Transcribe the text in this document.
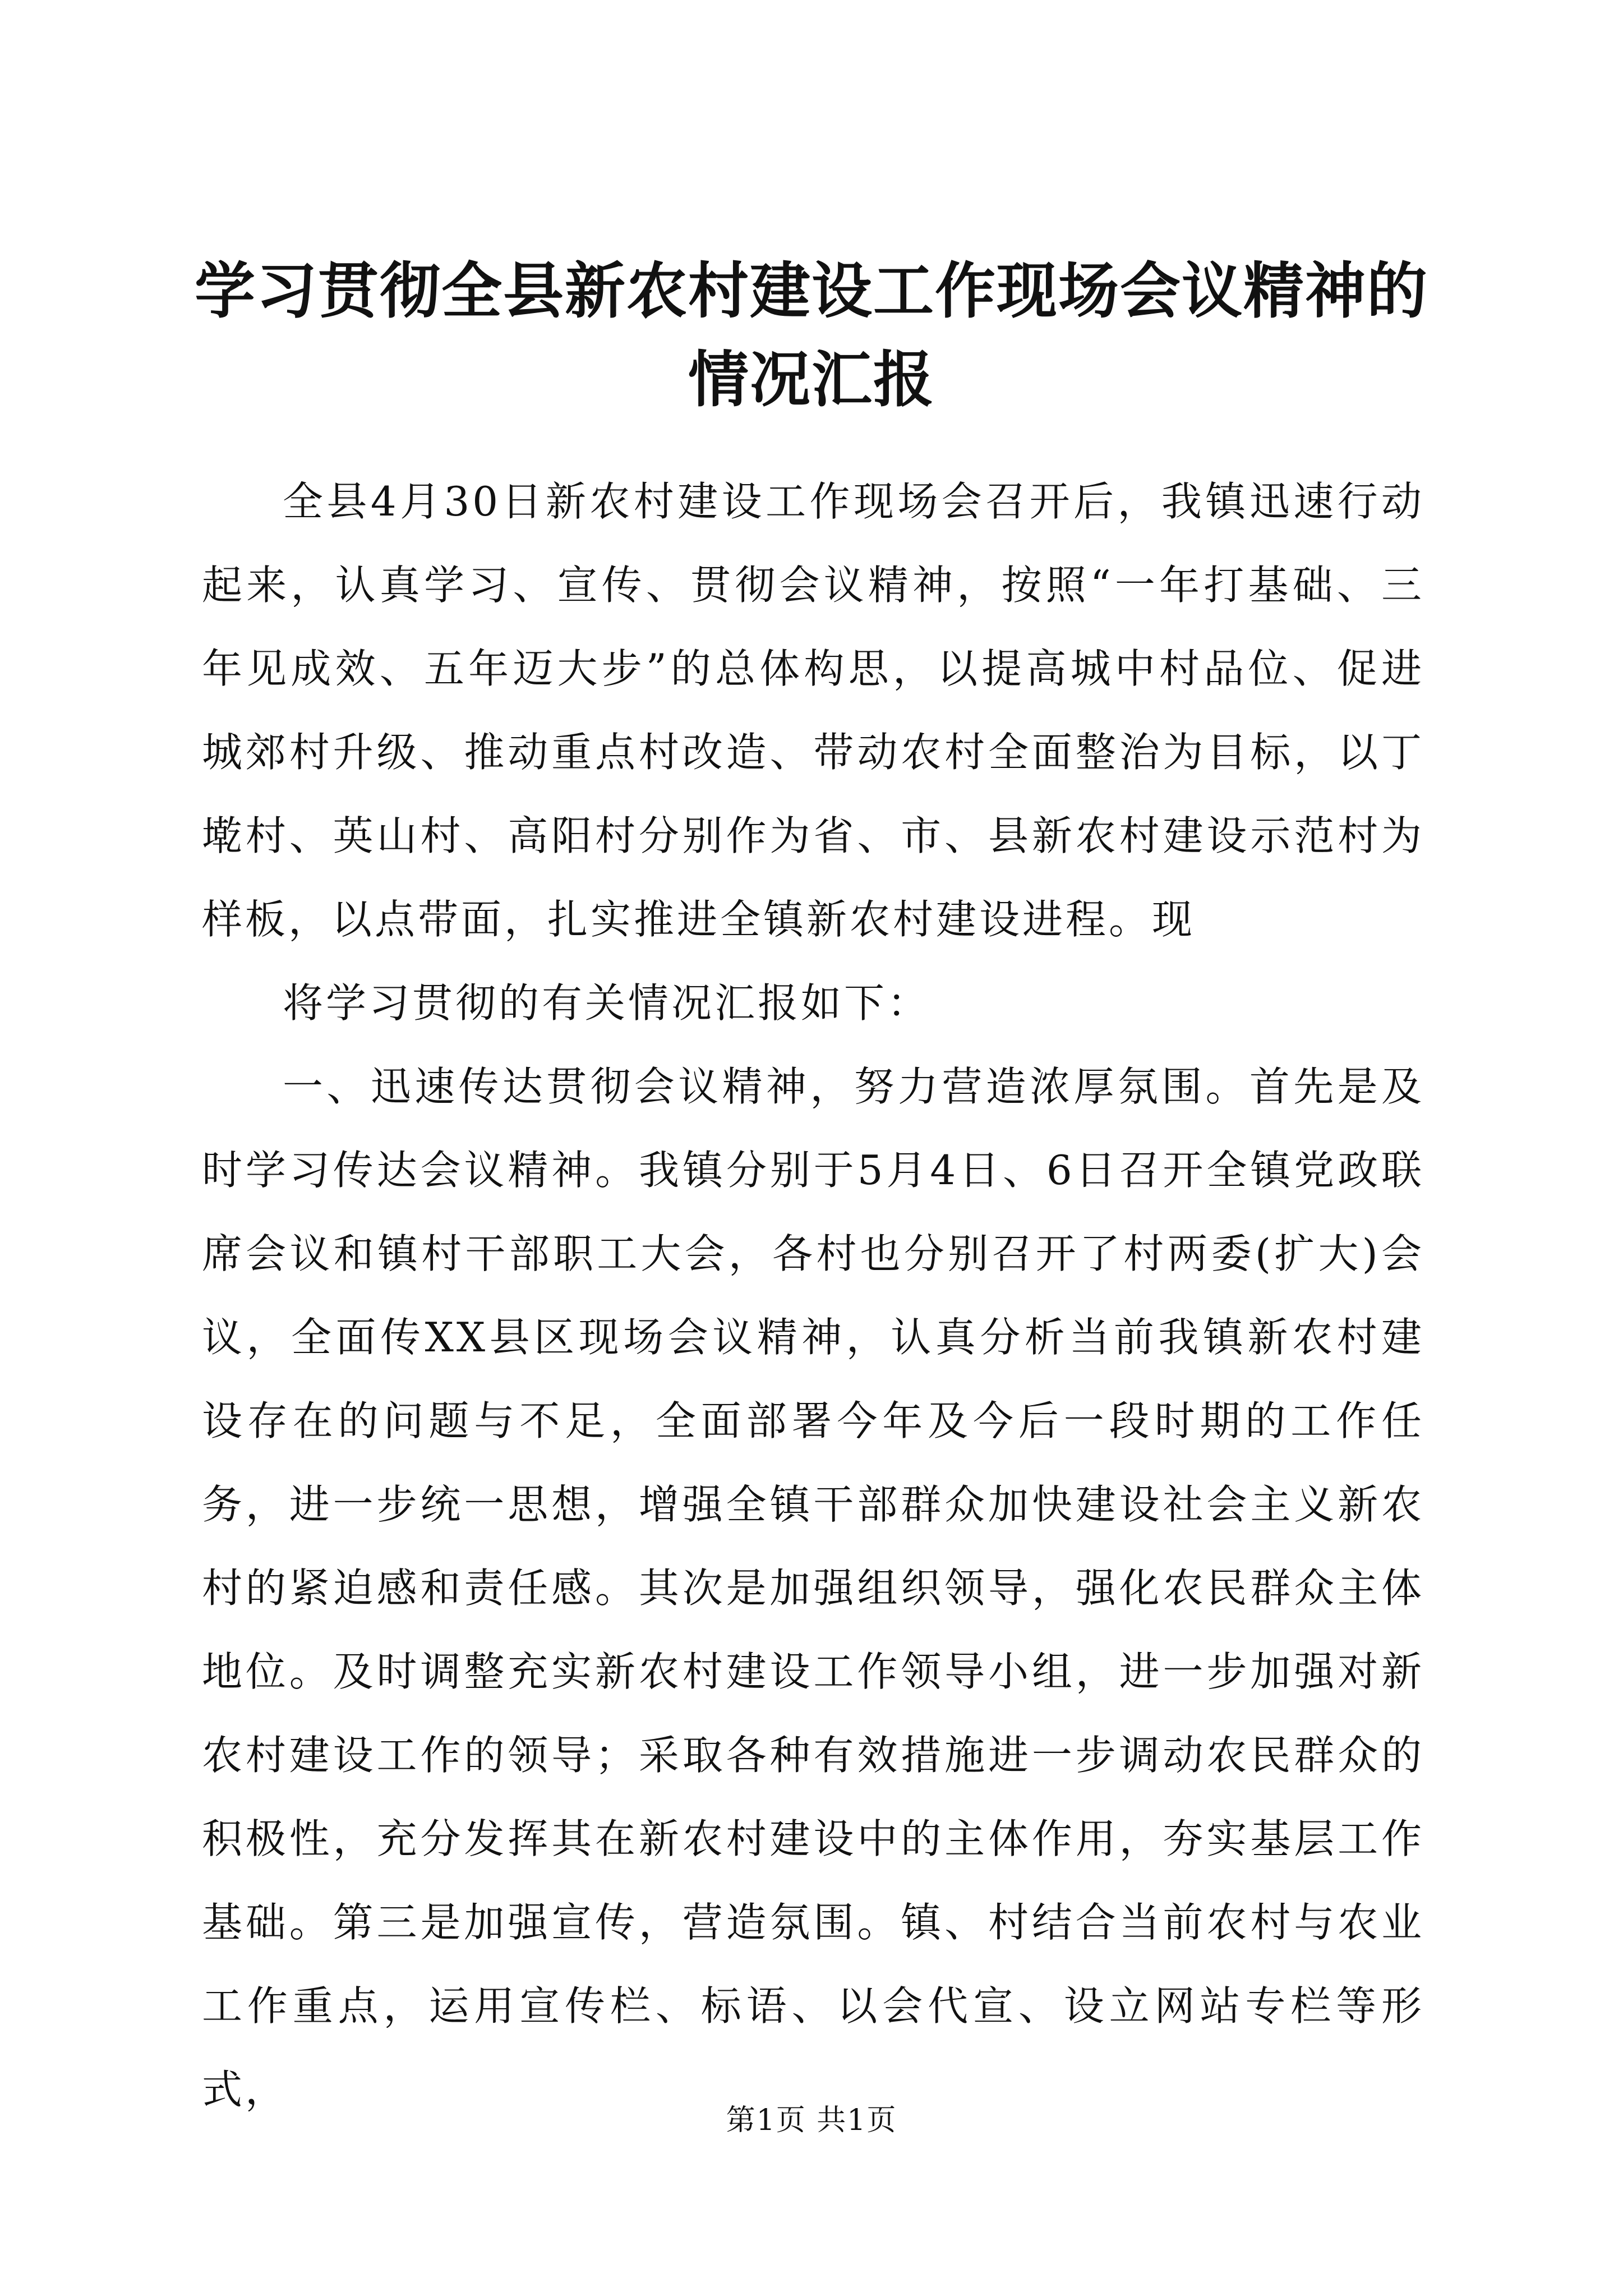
学习贯彻全县新农村建设工作现场会议精神的
情况汇报

全县4月30日新农村建设工作现场会召开后，我镇迅速行动起来，认真学习、宣传、贯彻会议精神，按照“一年打基础、三年见成效、五年迈大步”的总体构思，以提高城中村品位、促进城郊村升级、推动重点村改造、带动农村全面整治为目标，以丁墘村、英山村、高阳村分别作为省、市、县新农村建设示范村为样板，以点带面，扎实推进全镇新农村建设进程。现

将学习贯彻的有关情况汇报如下：

一、迅速传达贯彻会议精神，努力营造浓厚氛围。首先是及时学习传达会议精神。我镇分别于5月4日、6日召开全镇党政联席会议和镇村干部职工大会，各村也分别召开了村两委(扩大)会议，全面传XX县区现场会议精神，认真分析当前我镇新农村建设存在的问题与不足，全面部署今年及今后一段时期的工作任务，进一步统一思想，增强全镇干部群众加快建设社会主义新农村的紧迫感和责任感。其次是加强组织领导，强化农民群众主体地位。及时调整充实新农村建设工作领导小组，进一步加强对新农村建设工作的领导；采取各种有效措施进一步调动农民群众的积极性，充分发挥其在新农村建设中的主体作用，夯实基层工作基础。第三是加强宣传，营造氛围。镇、村结合当前农村与农业工作重点，运用宣传栏、标语、以会代宣、设立网站专栏等形式，

第1页 共1页
